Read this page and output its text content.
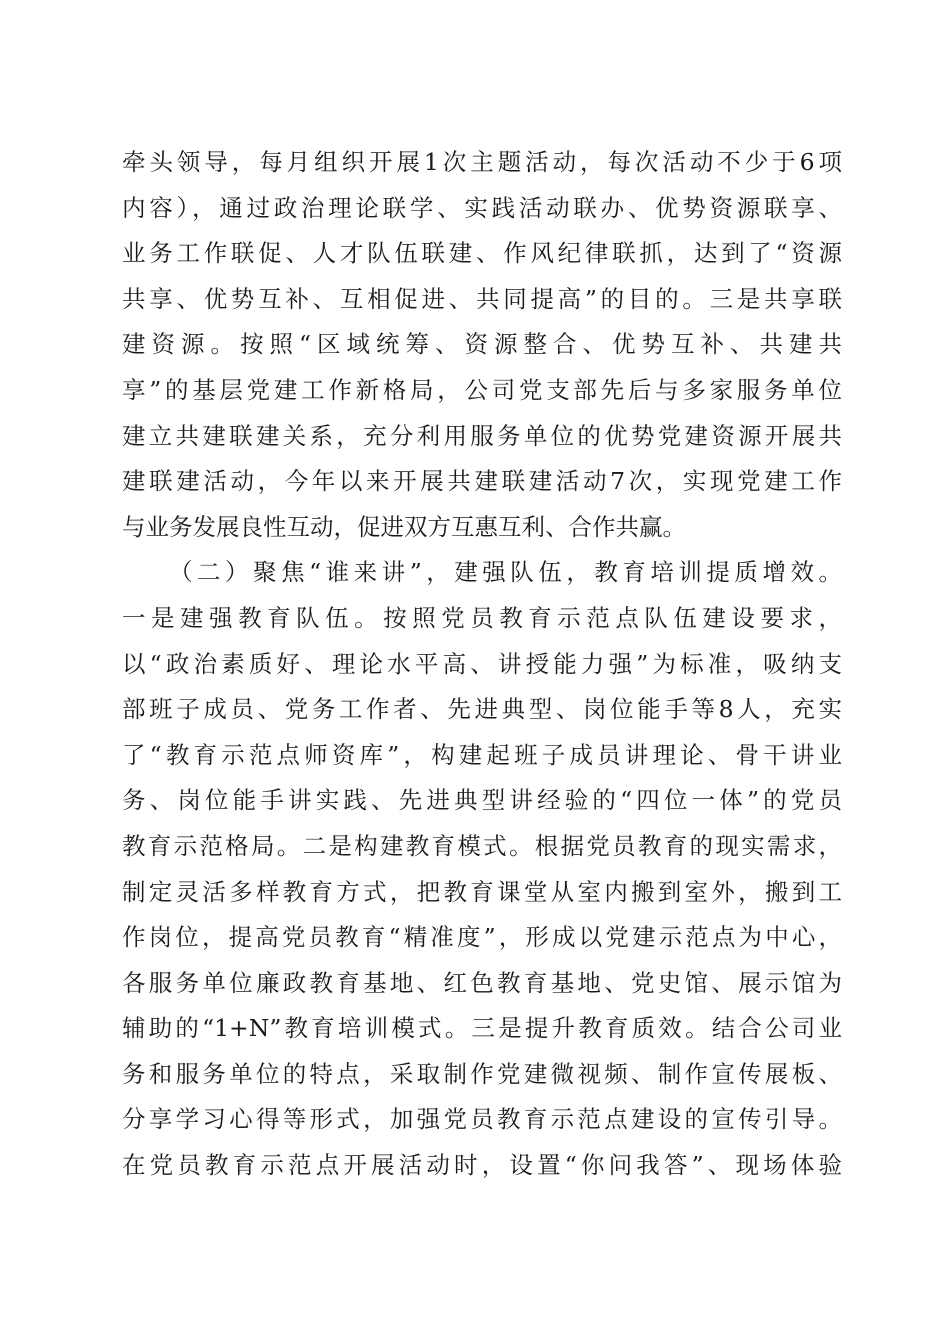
牵头领导，每月组织开展1次主题活动，每次活动不少于6项
内容），通过政治理论联学、实践活动联办、优势资源联享、
业务工作联促、人才队伍联建、作风纪律联抓，达到了“资源
共享、优势互补、互相促进、共同提高”的目的。三是共享联
建资源。按照“区域统筹、资源整合、优势互补、共建共
享”的基层党建工作新格局，公司党支部先后与多家服务单位
建立共建联建关系，充分利用服务单位的优势党建资源开展共
建联建活动，今年以来开展共建联建活动7次，实现党建工作
与业务发展良性互动，促进双方互惠互利、合作共赢。
（二）聚焦“谁来讲”，建强队伍，教育培训提质增效。
一是建强教育队伍。按照党员教育示范点队伍建设要求，
以“政治素质好、理论水平高、讲授能力强”为标准，吸纳支
部班子成员、党务工作者、先进典型、岗位能手等8人，充实
了“教育示范点师资库”，构建起班子成员讲理论、骨干讲业
务、岗位能手讲实践、先进典型讲经验的“四位一体”的党员
教育示范格局。二是构建教育模式。根据党员教育的现实需求，
制定灵活多样教育方式，把教育课堂从室内搬到室外，搬到工
作岗位，提高党员教育“精准度”，形成以党建示范点为中心，
各服务单位廉政教育基地、红色教育基地、党史馆、展示馆为
辅助的“1+N”教育培训模式。三是提升教育质效。结合公司业
务和服务单位的特点，采取制作党建微视频、制作宣传展板、
分享学习心得等形式，加强党员教育示范点建设的宣传引导。
在党员教育示范点开展活动时，设置“你问我答”、现场体验
